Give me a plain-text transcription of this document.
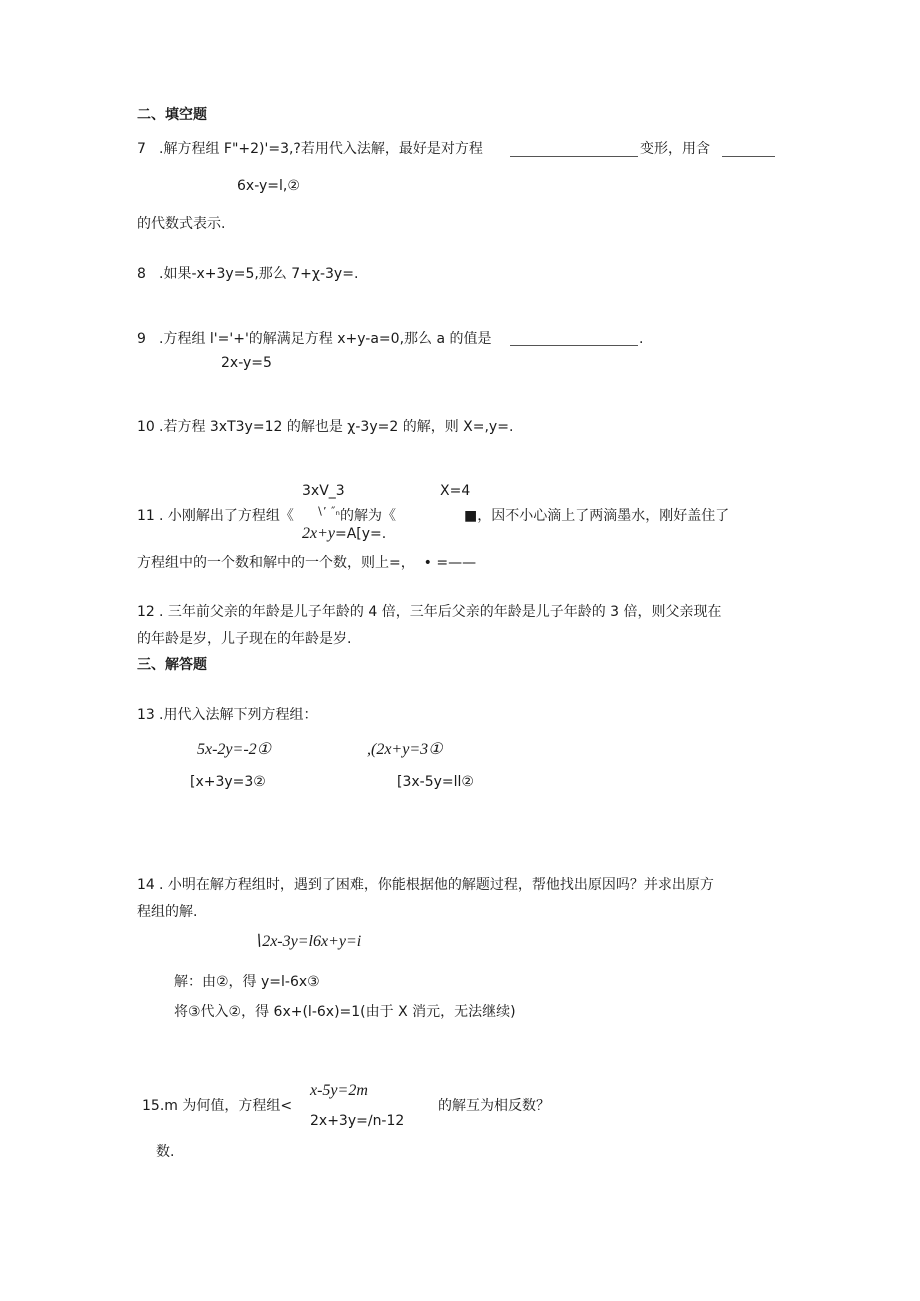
二、填空题
7 .解方程组 F"+2)'=3,?若用代入法解，最好是对方程	变形，用含
6x-y=l,②
的代数式表示.
8 .如果-x+3y=5,那么 7+χ-3y=.
9 .方程组 l'='+'的解满足方程 x+y-a=0,那么 a 的值是	.
2x-y=5
10 .若方程 3xT3y=12 的解也是 χ-3y=2 的解，则 X=,y=.
3xV_3	X=4
11 . 小刚解出了方程组《 ∖ʼ ˝ₙ 的解为《	■，因不小心滴上了两滴墨水，刚好盖住了
2x+y=A[y=.
方程组中的一个数和解中的一个数，则上=，  • =——
12 . 三年前父亲的年龄是儿子年龄的 4 倍，三年后父亲的年龄是儿子年龄的 3 倍，则父亲现在
的年龄是岁，儿子现在的年龄是岁.
三、解答题
13 .用代入法解下列方程组：
5x-2y=-2①
[x+3y=3②
,(2x+y=3①
[3x-5y=ll②
14 . 小明在解方程组时，遇到了困难，你能根据他的解题过程，帮他找出原因吗？并求出原方
程组的解.
∖2x-3y=l6x+y=i
解：由②，得 y=l-6x③
将③代入②，得 6x+(l-6x)=1(由于 X 消元，无法继续)
15.m 为何值，方程组<
x-5y=2m
2x+3y=∕n-12
的解互为相反数？
数.
